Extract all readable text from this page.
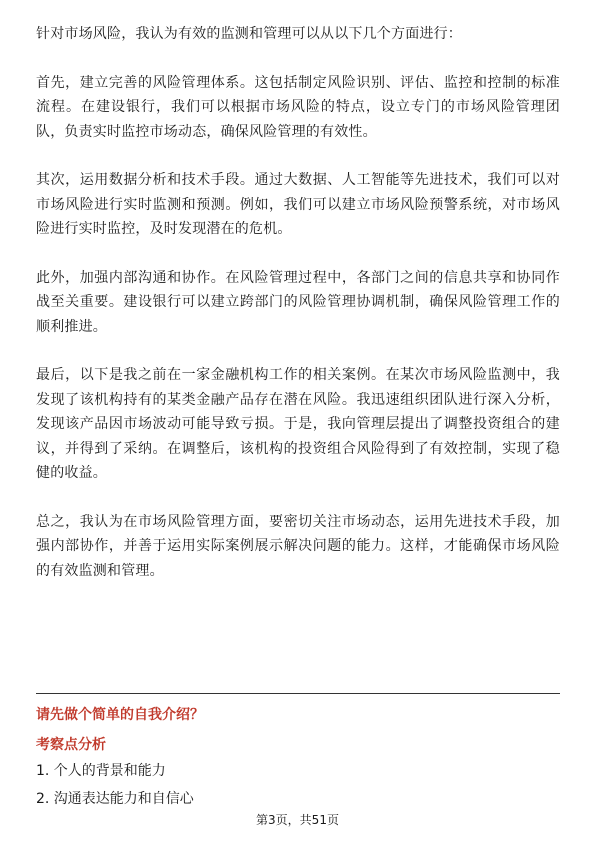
针对市场风险，我认为有效的监测和管理可以从以下几个方面进行：

首先，建立完善的风险管理体系。这包括制定风险识别、评估、监控和控制的标准流程。在建设银行，我们可以根据市场风险的特点，设立专门的市场风险管理团队，负责实时监控市场动态，确保风险管理的有效性。

其次，运用数据分析和技术手段。通过大数据、人工智能等先进技术，我们可以对市场风险进行实时监测和预测。例如，我们可以建立市场风险预警系统，对市场风险进行实时监控，及时发现潜在的危机。

此外，加强内部沟通和协作。在风险管理过程中，各部门之间的信息共享和协同作战至关重要。建设银行可以建立跨部门的风险管理协调机制，确保风险管理工作的顺利推进。

最后，以下是我之前在一家金融机构工作的相关案例。在某次市场风险监测中，我发现了该机构持有的某类金融产品存在潜在风险。我迅速组织团队进行深入分析，发现该产品因市场波动可能导致亏损。于是，我向管理层提出了调整投资组合的建议，并得到了采纳。在调整后，该机构的投资组合风险得到了有效控制，实现了稳健的收益。

总之，我认为在市场风险管理方面，要密切关注市场动态，运用先进技术手段，加强内部协作，并善于运用实际案例展示解决问题的能力。这样，才能确保市场风险的有效监测和管理。

请先做个简单的自我介绍？
考察点分析
1. 个人的背景和能力
2. 沟通表达能力和自信心
第3页，共51页
